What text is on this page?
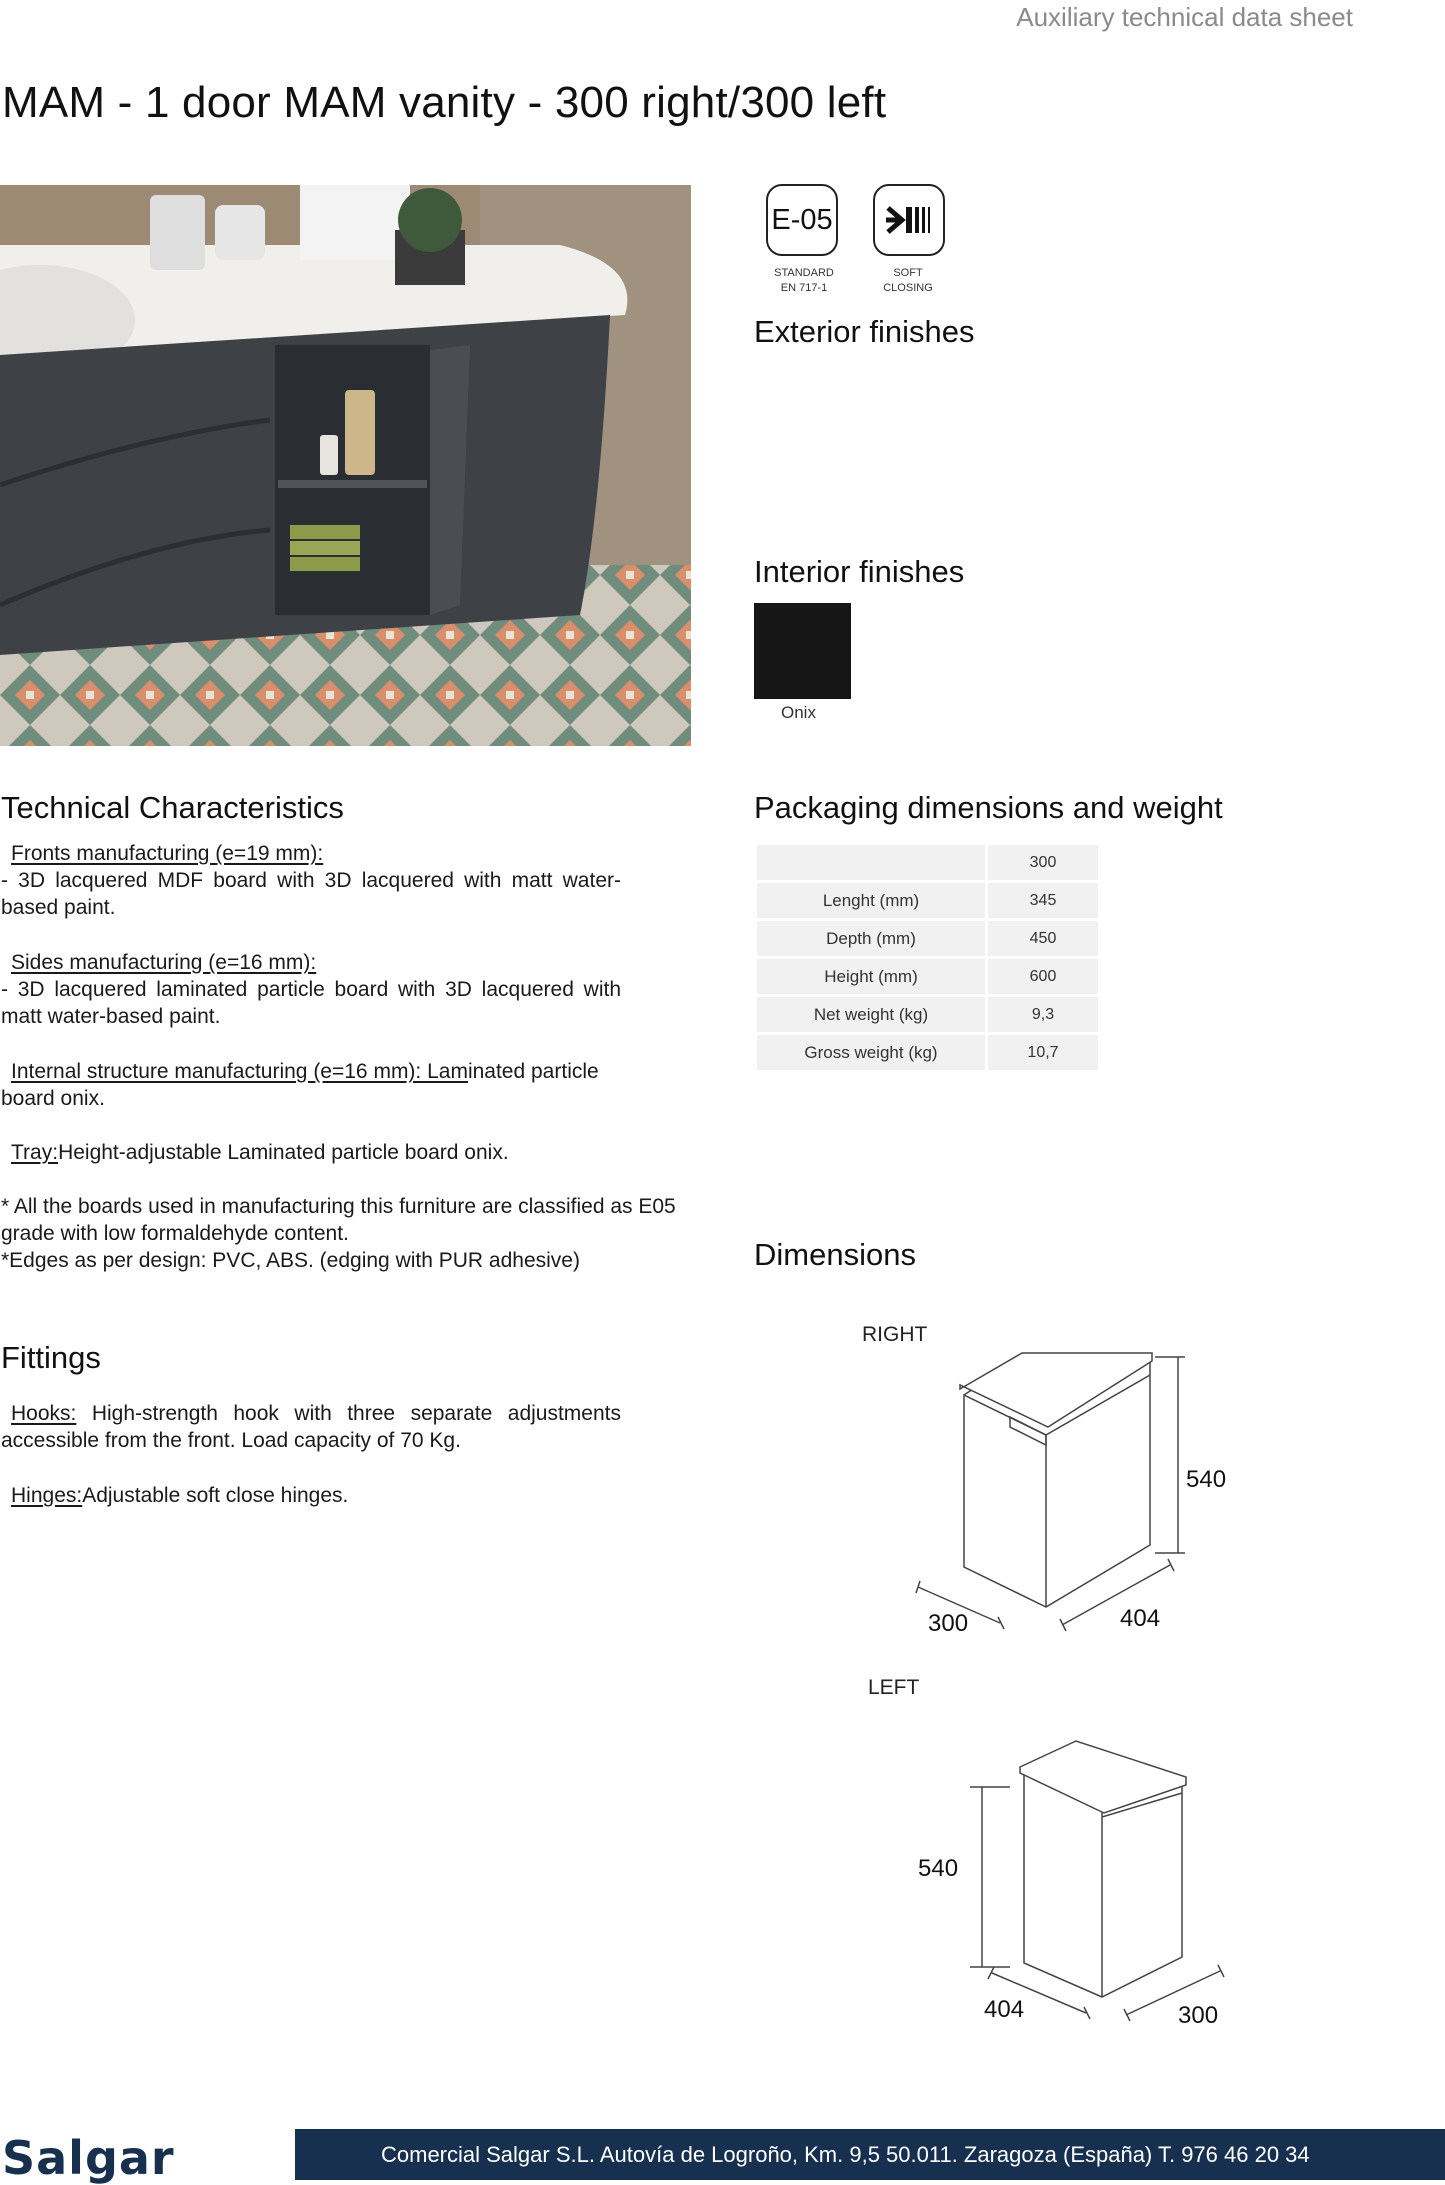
Auxiliary technical data sheet
MAM - 1 door MAM vanity - 300 right/300 left
E-05
STANDARD
EN 717-1
SOFT
CLOSING
Exterior finishes
Interior finishes
Onix
Technical Characteristics
Fronts manufacturing (e=19 mm):
- 3D lacquered MDF board with 3D lacquered with matt water-based paint.
Sides manufacturing (e=16 mm):
- 3D lacquered laminated particle board with 3D lacquered with matt water-based paint.
Internal structure manufacturing (e=16 mm): Laminated particle board onix.
Tray:Height-adjustable Laminated particle board onix.
* All the boards used in manufacturing this furniture are classified as E05 grade with low formaldehyde content.
*Edges as per design: PVC, ABS. (edging with PUR adhesive)
Fittings
Hooks: High-strength hook with three separate adjustments accessible from the front. Load capacity of 70 Kg.
Hinges:Adjustable soft close hinges.
Packaging dimensions and weight
	300
Lenght (mm)	345
Depth (mm)	450
Height (mm)	600
Net weight (kg)	9,3
Gross weight (kg)	10,7
Dimensions
RIGHT
LEFT
540
300	404
540
404	300
Salgar	Comercial Salgar S.L. Autovía de Logroño, Km. 9,5 50.011. Zaragoza (España) T. 976 46 20 34
